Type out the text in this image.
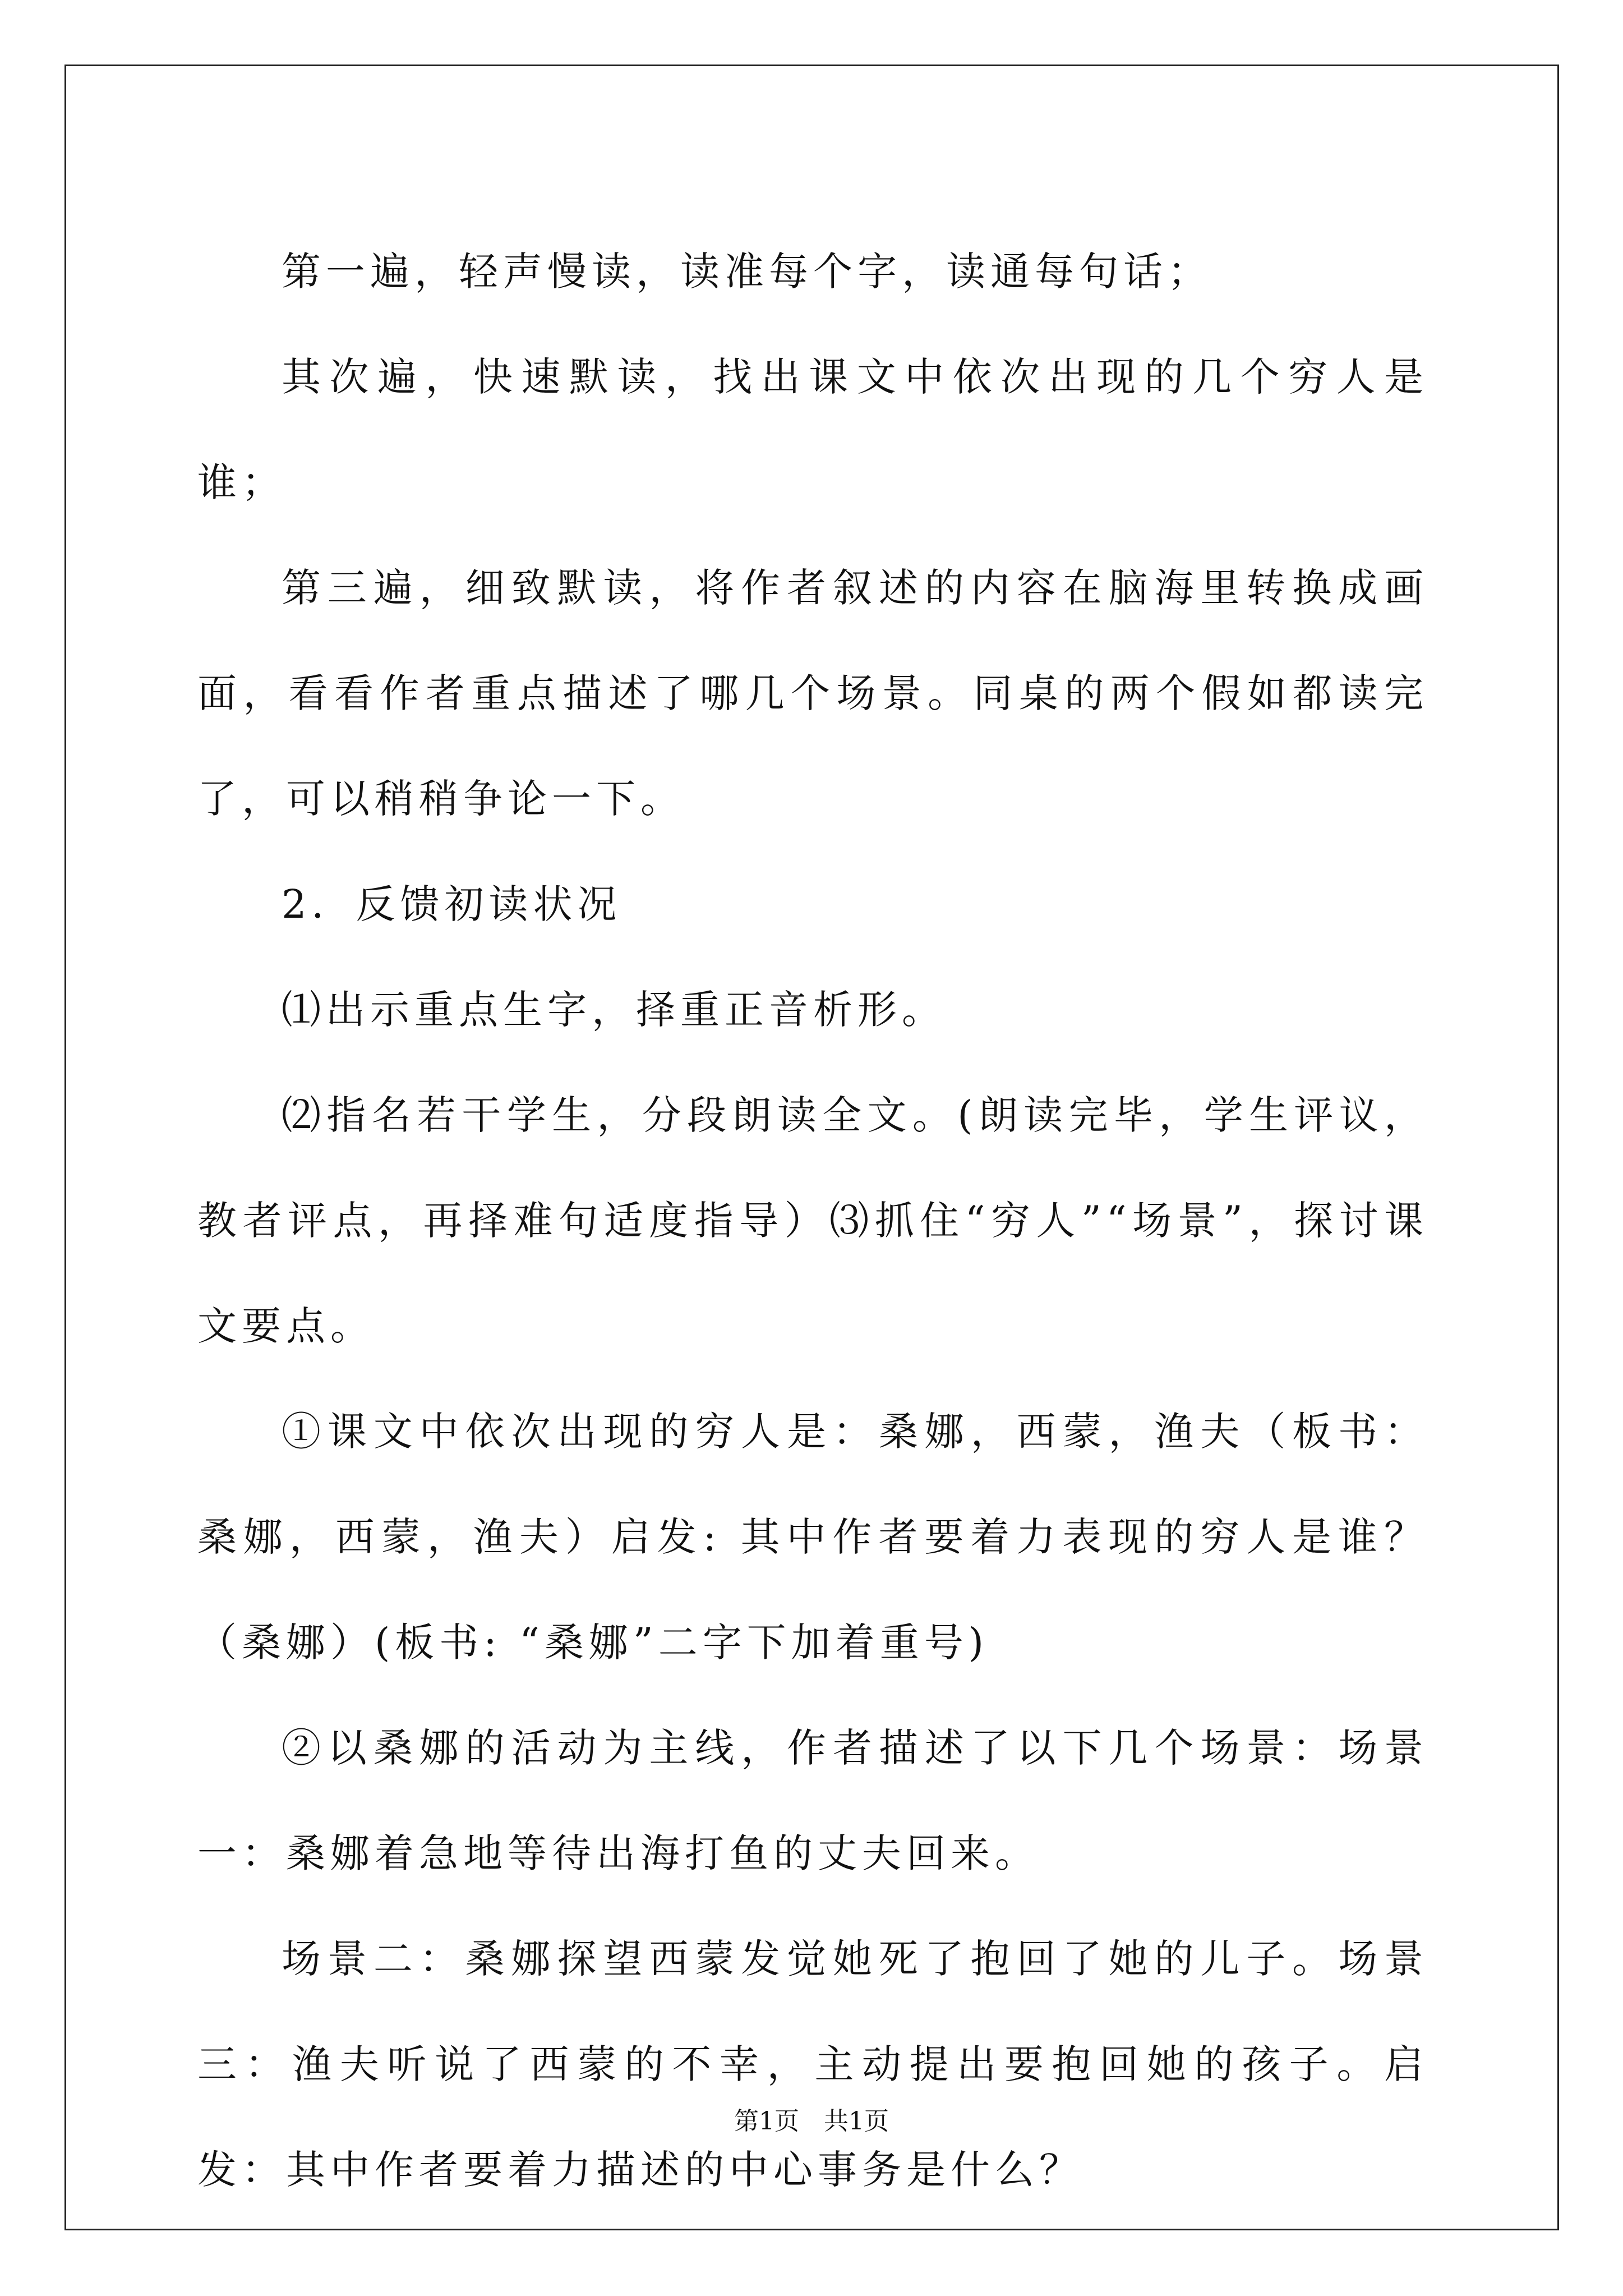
第一遍，轻声慢读，读准每个字，读通每句话；

其次遍，快速默读，找出课文中依次出现的几个穷人是谁；

第三遍，细致默读，将作者叙述的内容在脑海里转换成画面，看看作者重点描述了哪几个场景。同桌的两个假如都读完了，可以稍稍争论一下。

2．反馈初读状况

⑴出示重点生字，择重正音析形。

⑵指名若干学生，分段朗读全文。(朗读完毕，学生评议，教者评点，再择难句适度指导）⑶抓住“穷人”“场景”，探讨课文要点。

①课文中依次出现的穷人是：桑娜，西蒙，渔夫（板书：桑娜，西蒙，渔夫）启发: 其中作者要着力表现的穷人是谁？（桑娜）(板书: “桑娜”二字下加着重号)

②以桑娜的活动为主线，作者描述了以下几个场景：场景一：桑娜着急地等待出海打鱼的丈夫回来。

场景二：桑娜探望西蒙发觉她死了抱回了她的儿子。场景三：渔夫听说了西蒙的不幸，主动提出要抱回她的孩子。启发：其中作者要着力描述的中心事务是什么？

第1页　共1页
